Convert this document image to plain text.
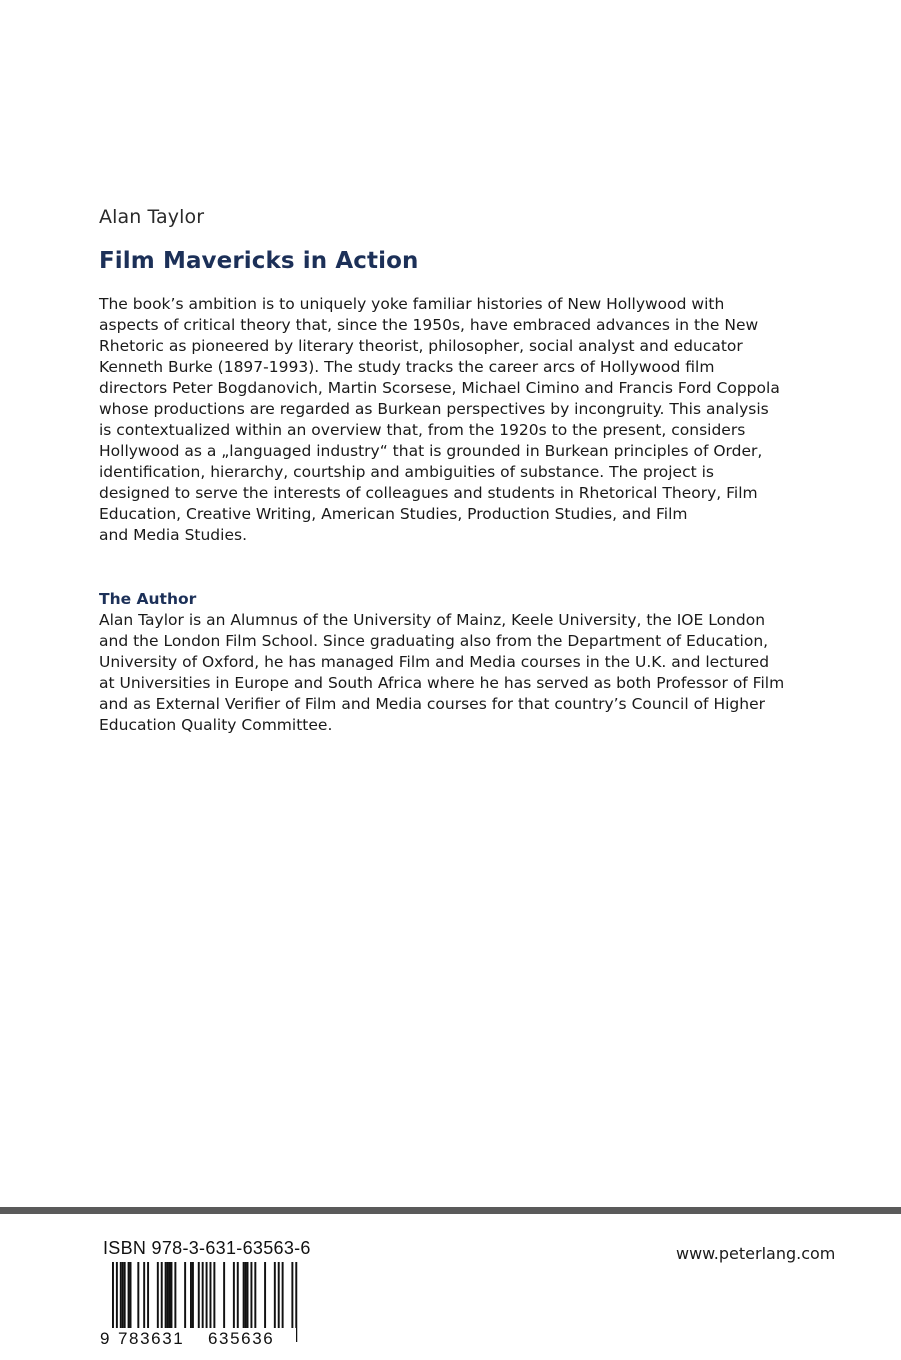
Alan Taylor
Film Mavericks in Action
The book’s ambition is to uniquely yoke familiar histories of New Hollywood with
aspects of critical theory that, since the 1950s, have embraced advances in the New
Rhetoric as pioneered by literary theorist, philosopher, social analyst and educator
Kenneth Burke (1897-1993). The study tracks the career arcs of Hollywood film
directors Peter Bogdanovich, Martin Scorsese, Michael Cimino and Francis Ford Coppola
whose productions are regarded as Burkean perspectives by incongruity. This analysis
is contextualized within an overview that, from the 1920s to the present, considers
Hollywood as a „languaged industry“ that is grounded in Burkean principles of Order,
identification, hierarchy, courtship and ambiguities of substance. The project is
designed to serve the interests of colleagues and students in Rhetorical Theory, Film
Education, Creative Writing, American Studies, Production Studies, and Film
and Media Studies.
The Author
Alan Taylor is an Alumnus of the University of Mainz, Keele University, the IOE London
and the London Film School. Since graduating also from the Department of Education,
University of Oxford, he has managed Film and Media courses in the U.K. and lectured
at Universities in Europe and South Africa where he has served as both Professor of Film
and as External Verifier of Film and Media courses for that country’s Council of Higher
Education Quality Committee.
ISBN 978-3-631-63563-6
9 783631 635636
www.peterlang.com
